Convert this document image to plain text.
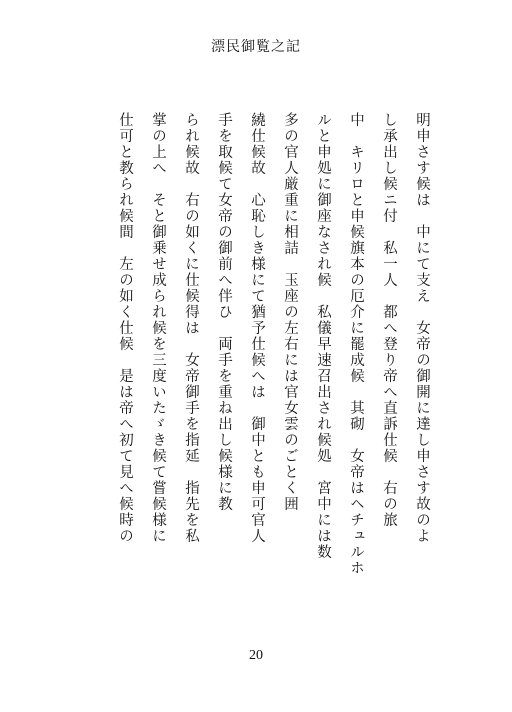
漂民御覧之記
明申さす候は　中にて支え　女帝の御開に達し申さす故のよ
し承出し候ニ付　私一人　都へ登り帝へ直訴仕候　右の旅
中　キリロと申候旗本の厄介に罷成候　其砌　女帝はヘチュルホ
ルと申処に御座なされ候　私儀早速召出され候処　宮中には数
多の官人厳重に相詰　玉座の左右には官女雲のごとく囲
繞仕候故　心恥しき様にて猶予仕候へは　御中とも申可官人
手を取候て女帝の御前へ伴ひ　両手を重ね出し候様に教
られ候故　右の如くに仕候得は　女帝御手を指延　指先を私
掌の上へ　そと御乗せ成られ候を三度いたゞき候て嘗候様に
仕可と教られ候間　左の如く仕候　是は帝へ初て見へ候時の
20
